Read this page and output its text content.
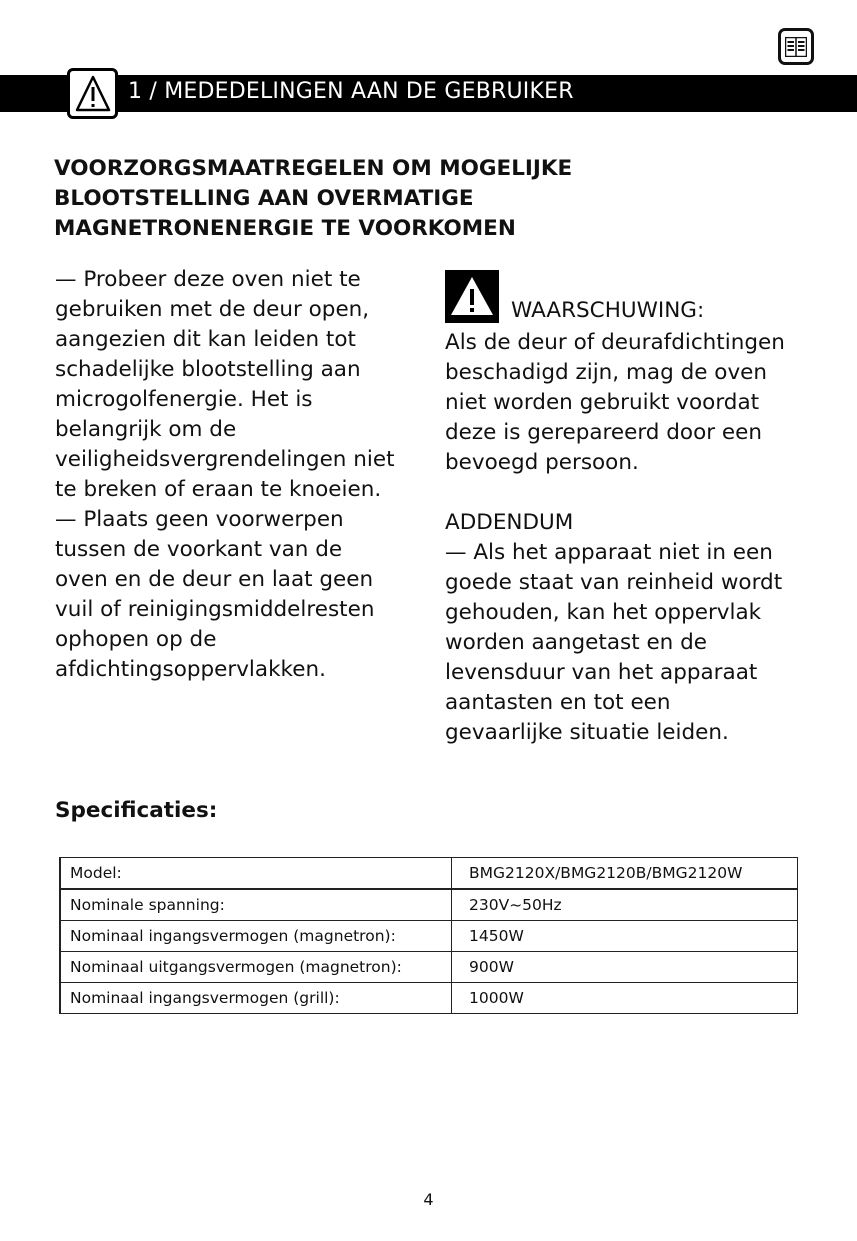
1 / MEDEDELINGEN AAN DE GEBRUIKER
VOORZORGSMAATREGELEN OM MOGELIJKE
BLOOTSTELLING AAN OVERMATIGE
MAGNETRONENERGIE TE VOORKOMEN

— Probeer deze oven niet te

gebruiken met de deur open,

aangezien dit kan leiden tot

schadelijke blootstelling aan

microgolfenergie. Het is

belangrijk om de

veiligheidsvergrendelingen niet

te breken of eraan te knoeien.

— Plaats geen voorwerpen

tussen de voorkant van de

oven en de deur en laat geen

vuil of reinigingsmiddelresten

ophopen op de

afdichtingsoppervlakken.

WAARSCHUWING:

Als de deur of deurafdichtingen

beschadigd zijn, mag de oven

niet worden gebruikt voordat

deze is gerepareerd door een

bevoegd persoon.

ADDENDUM

— Als het apparaat niet in een

goede staat van reinheid wordt

gehouden, kan het oppervlak

worden aangetast en de

levensduur van het apparaat

aantasten en tot een

gevaarlijke situatie leiden.

Specificaties:
Model:	BMG2120X/BMG2120B/BMG2120W
Nominale spanning:	230V~50Hz
Nominaal ingangsvermogen (magnetron):	1450W
Nominaal uitgangsvermogen (magnetron):	900W
Nominaal ingangsvermogen (grill):	1000W
4
